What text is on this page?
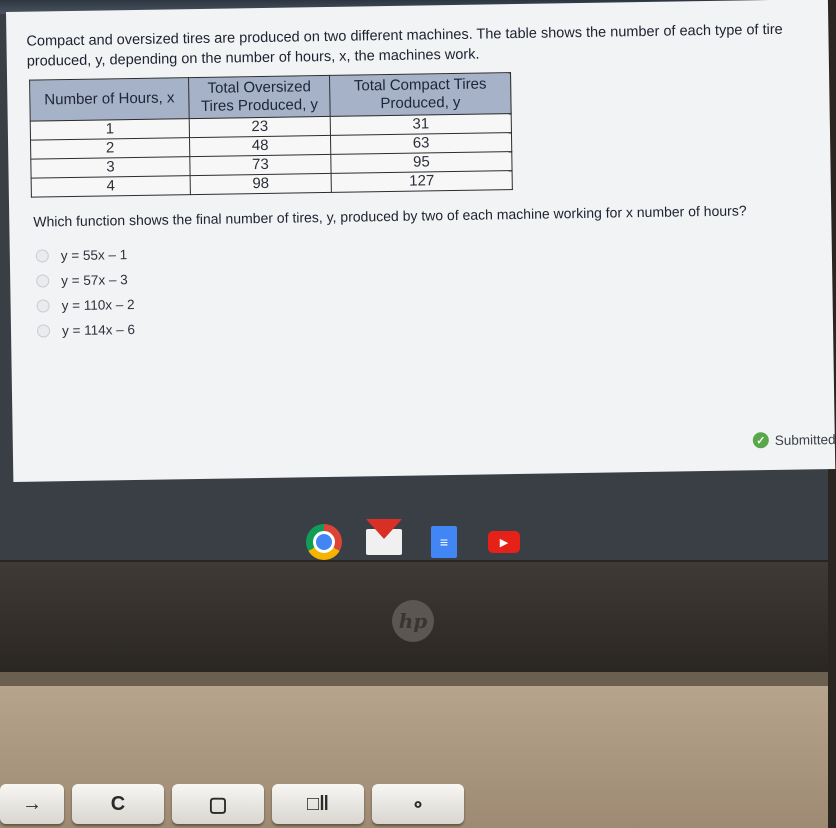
Compact and oversized tires are produced on two different machines. The table shows the number of each type of tire produced, y, depending on the number of hours, x, the machines work.

Number of Hours, x	Total Oversized Tires Produced, y	Total Compact Tires Produced, y
1	23	31
2	48	63
3	73	95
4	98	127

Which function shows the final number of tires, y, produced by two of each machine working for x number of hours?

y = 55x – 1
y = 57x – 3
y = 110x – 2
y = 114x – 6
✓ Submitted
≡	▶
hp
→	C	▢	□‖	∘
